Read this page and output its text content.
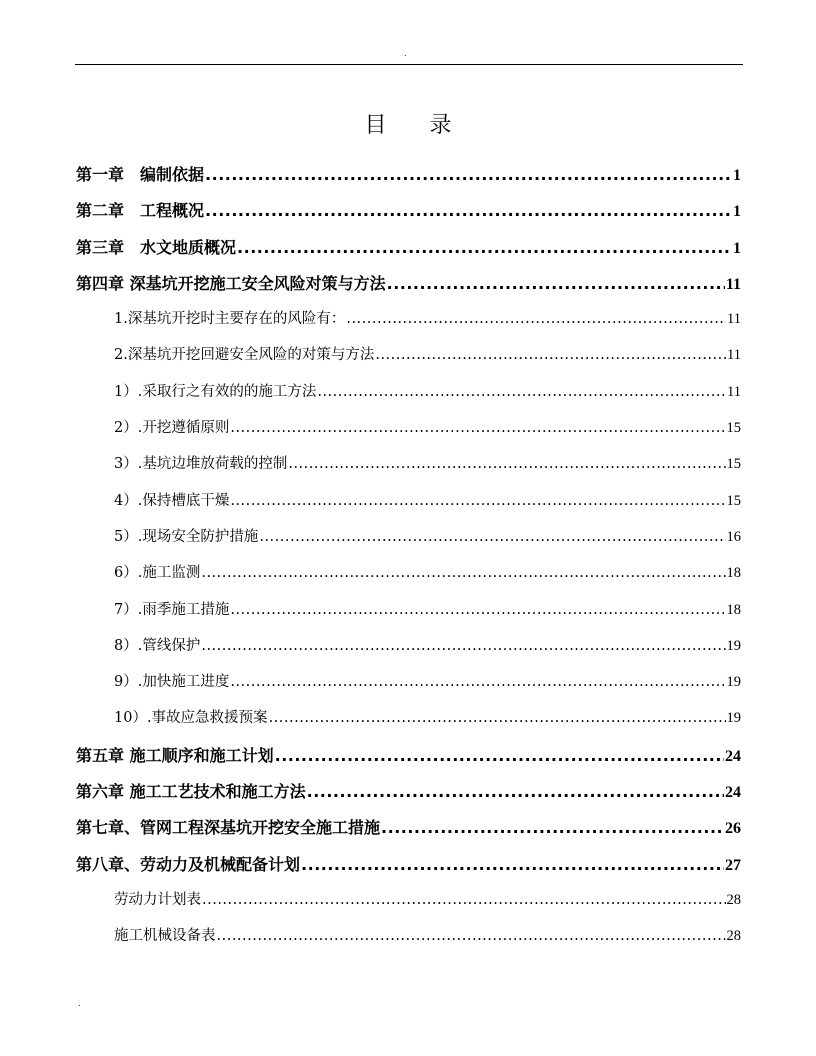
.
目 录
第一章 编制依据 .....	1
第二章 工程概况 .....	1
第三章 水文地质概况 .....	1
第四章 深基坑开挖施工安全风险对策与方法 .....	11
1.深基坑开挖时主要存在的风险有： .....	11
2.深基坑开挖回避安全风险的对策与方法 .....	11
1）.采取行之有效的的施工方法 .....	11
2）.开挖遵循原则 .....	15
3）.基坑边堆放荷载的控制 .....	15
4）.保持槽底干燥 .....	15
5）.现场安全防护措施 .....	16
6）.施工监测 .....	18
7）.雨季施工措施 .....	18
8）.管线保护 .....	19
9）.加快施工进度 .....	19
10）.事故应急救援预案 .....	19
第五章 施工顺序和施工计划 .....	24
第六章 施工工艺技术和施工方法 .....	24
第七章、管网工程深基坑开挖安全施工措施 .....	26
第八章、劳动力及机械配备计划 .....	27
劳动力计划表 .....	28
施工机械设备表 .....	28
.
